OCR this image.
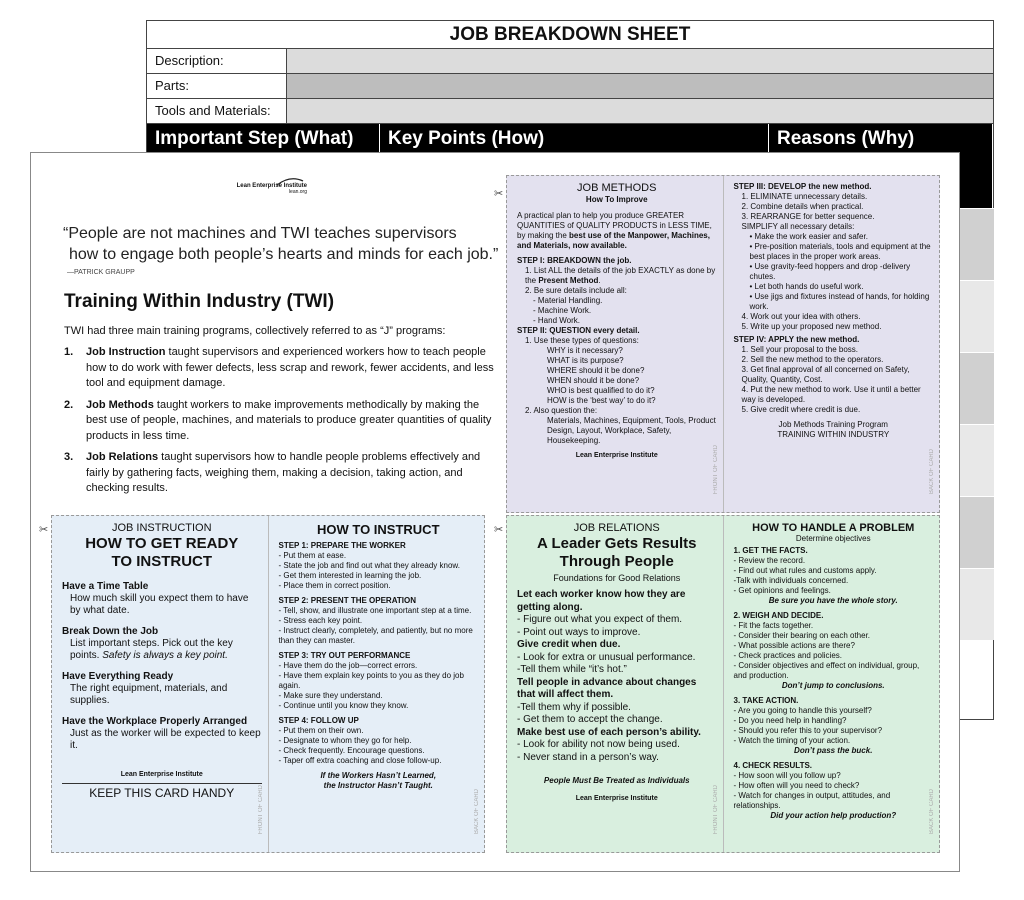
JOB BREAKDOWN SHEET
Description:
Parts:
Tools and Materials:
Important Step (What)	Key Points (How)	Reasons (Why)
Lean Enterprise Institute
lean.org
“People are not machines and TWI teaches supervisors
how to engage both people’s hearts and minds for each job.”
—PATRICK GRAUPP
Training Within Industry (TWI)
TWI had three main training programs, collectively referred to as “J” programs:
1.	Job Instruction taught supervisors and experienced workers how to teach people how to do work with fewer defects, less scrap and rework, fewer accidents, and less tool and equipment damage.
2.	Job Methods taught workers to make improvements methodically by making the best use of people, machines, and materials to produce greater quantities of quality products in less time.
3.	Job Relations taught supervisors how to handle people problems effectively and fairly by gathering facts, weighing them, making a decision, taking action, and checking results.
✂
✂	✂
JOB METHODS
How To Improve
A practical plan to help you produce GREATER QUANTITIES of QUALITY PRODUCTS in LESS TIME, by making the best use of the Manpower, Machines, and Materials, now available.
STEP I: BREAKDOWN the job.
1. List ALL the details of the job EXACTLY as done by the Present Method.
2. Be sure details include all:
- Material Handling.
- Machine Work.
- Hand Work.
STEP II: QUESTION every detail.
1. Use these types of questions:
WHY is it necessary?
WHAT is its purpose?
WHERE should it be done?
WHEN should it be done?
WHO is best qualified to do it?
HOW is the ‘best way’ to do it?
2. Also question the:
Materials, Machines, Equipment, Tools, Product Design, Layout, Workplace, Safety, Housekeeping.
Lean Enterprise Institute	FRONT OF CARD
STEP III: DEVELOP the new method.
1. ELIMINATE unnecessary details.
2. Combine details when practical.
3. REARRANGE for better sequence.
SIMPLIFY all necessary details:
• Make the work easier and safer.
• Pre-position materials, tools and equipment at the best places in the proper work areas.
• Use gravity-feed hoppers and drop -delivery chutes.
• Let both hands do useful work.
• Use jigs and fixtures instead of hands, for holding work.
4. Work out your idea with others.
5. Write up your proposed new method.
STEP IV: APPLY the new method.
1. Sell your proposal to the boss.
2. Sell the new method to the operators.
3. Get final approval of all concerned on Safety, Quality, Quantity, Cost.
4. Put the new method to work. Use it until a better way is developed.
5. Give credit where credit is due.
Job Methods Training Program
TRAINING WITHIN INDUSTRY
BACK OF CARD
JOB INSTRUCTION
HOW TO GET READY
TO INSTRUCT
Have a Time Table
How much skill you expect them to have by what date.
Break Down the Job
List important steps. Pick out the key points. Safety is always a key point.
Have Everything Ready
The right equipment, materials, and supplies.
Have the Workplace Properly Arranged
Just as the worker will be expected to keep it.
Lean Enterprise Institute
KEEP THIS CARD HANDY	FRONT OF CARD
HOW TO INSTRUCT
STEP 1: PREPARE THE WORKER
- Put them at ease.
- State the job and find out what they already know.
- Get them interested in learning the job.
- Place them in correct position.
STEP 2: PRESENT THE OPERATION
- Tell, show, and illustrate one important step at a time.
- Stress each key point.
- Instruct clearly, completely, and patiently, but no more than they can master.
STEP 3: TRY OUT PERFORMANCE
- Have them do the job—correct errors.
- Have them explain key points to you as they do job again.
- Make sure they understand.
- Continue until you know they know.
STEP 4: FOLLOW UP
- Put them on their own.
- Designate to whom they go for help.
- Check frequently. Encourage questions.
- Taper off extra coaching and close follow-up.
If the Workers Hasn’t Learned,
the Instructor Hasn’t Taught.
BACK OF CARD
JOB RELATIONS
A Leader Gets Results
Through People
Foundations for Good Relations
Let each worker know how they are getting along.
- Figure out what you expect of them.
- Point out ways to improve.
Give credit when due.
- Look for extra or unusual performance.
-Tell them while “it’s hot.”
Tell people in advance about changes that will affect them.
-Tell them why if possible.
- Get them to accept the change.
Make best use of each person’s ability.
- Look for ability not now being used.
- Never stand in a person’s way.
People Must Be Treated as Individuals
Lean Enterprise Institute	FRONT OF CARD
HOW TO HANDLE A PROBLEM
Determine objectives
1. GET THE FACTS.
- Review the record.
- Find out what rules and customs apply.
-Talk with individuals concerned.
- Get opinions and feelings.
Be sure you have the whole story.
2. WEIGH AND DECIDE.
- Fit the facts together.
- Consider their bearing on each other.
- What possible actions are there?
- Check practices and policies.
- Consider objectives and effect on individual, group, and production.
Don’t jump to conclusions.
3. TAKE ACTION.
- Are you going to handle this yourself?
- Do you need help in handling?
- Should you refer this to your supervisor?
- Watch the timing of your action.
Don’t pass the buck.
4. CHECK RESULTS.
- How soon will you follow up?
- How often will you need to check?
- Watch for changes in output, attitudes, and relationships.
Did your action help production?	BACK OF CARD
